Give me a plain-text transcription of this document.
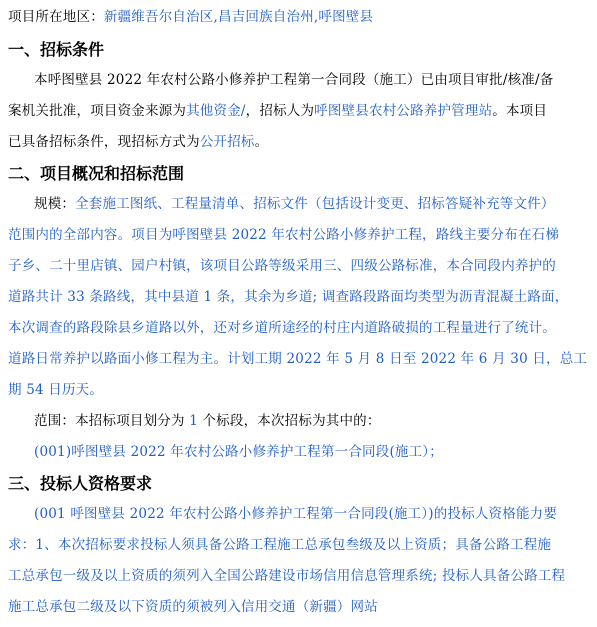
项目所在地区：新疆维吾尔自治区,昌吉回族自治州,呼图壁县
一、招标条件
本呼图壁县 2022 年农村公路小修养护工程第一合同段（施工）已由项目审批/核准/备
案机关批准，项目资金来源为其他资金/，招标人为呼图壁县农村公路养护管理站。本项目
已具备招标条件，现招标方式为公开招标。
二、项目概况和招标范围
规模：全套施工图纸、工程量清单、招标文件（包括设计变更、招标答疑补充等文件）
范围内的全部内容。项目为呼图壁县 2022 年农村公路小修养护工程，路线主要分布在石梯
子乡、二十里店镇、园户村镇，该项目公路等级采用三、四级公路标准，本合同段内养护的
道路共计 33 条路线，其中县道 1 条，其余为乡道; 调查路段路面均类型为沥青混凝土路面，
本次调查的路段除县乡道路以外，还对乡道所途经的村庄内道路破损的工程量进行了统计。
道路日常养护以路面小修工程为主。计划工期 2022 年 5 月 8 日至 2022 年 6 月 30 日，总工
期 54 日历天。
范围：本招标项目划分为 1 个标段，本次招标为其中的：
(001)呼图壁县 2022 年农村公路小修养护工程第一合同段(施工）；
三、投标人资格要求
(001 呼图壁县 2022 年农村公路小修养护工程第一合同段(施工）)的投标人资格能力要
求：1、本次招标要求投标人须具备公路工程施工总承包叁级及以上资质；具备公路工程施
工总承包一级及以上资质的须列入全国公路建设市场信用信息管理系统; 投标人具备公路工程
施工总承包二级及以下资质的须被列入信用交通（新疆）网站
